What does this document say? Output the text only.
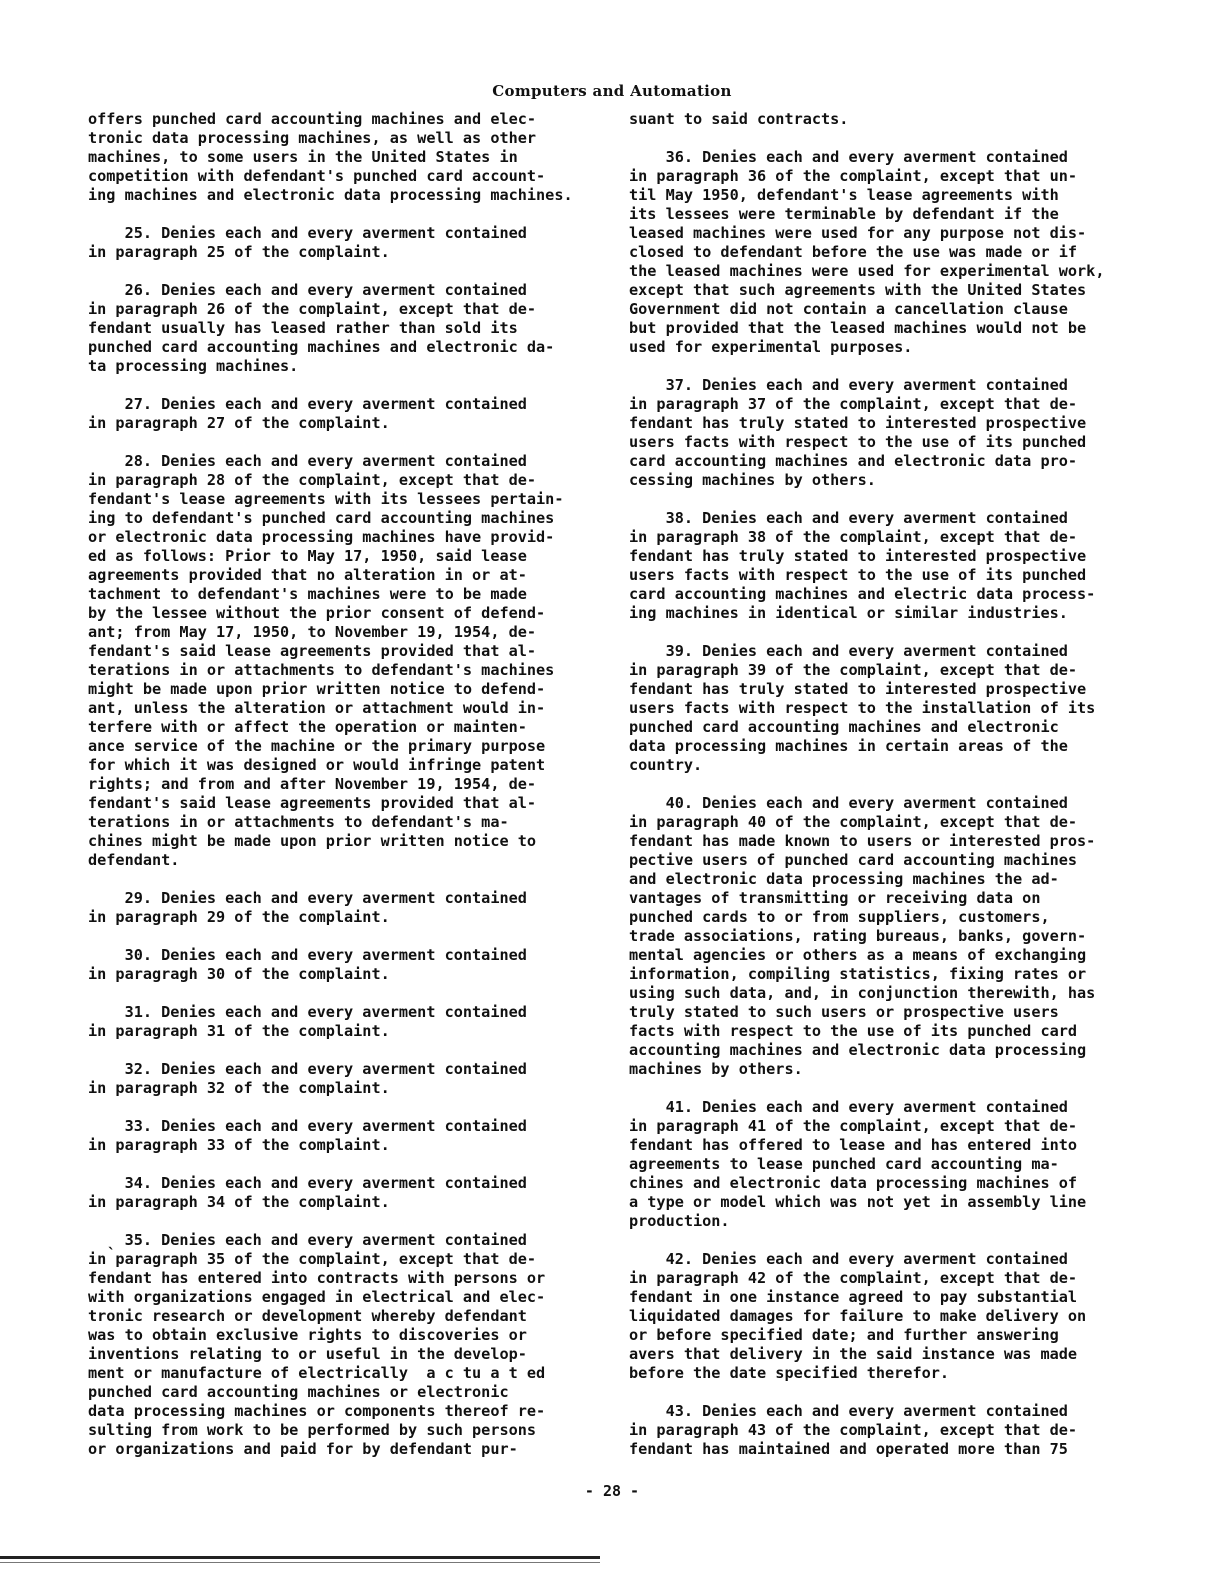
Computers and Automation
offers punched card accounting machines and elec-
tronic data processing machines, as well as other
machines, to some users in the United States in
competition with defendant's punched card account-
ing machines and electronic data processing machines.
25. Denies each and every averment contained
in paragraph 25 of the complaint.
26. Denies each and every averment contained
in paragraph 26 of the complaint, except that de-
fendant usually has leased rather than sold its
punched card accounting machines and electronic da-
ta processing machines.
27. Denies each and every averment contained
in paragraph 27 of the complaint.
28. Denies each and every averment contained
in paragraph 28 of the complaint, except that de-
fendant's lease agreements with its lessees pertain-
ing to defendant's punched card accounting machines
or electronic data processing machines have provid-
ed as follows: Prior to May 17, 1950, said lease
agreements provided that no alteration in or at-
tachment to defendant's machines were to be made
by the lessee without the prior consent of defend-
ant; from May 17, 1950, to November 19, 1954, de-
fendant's said lease agreements provided that al-
terations in or attachments to defendant's machines
might be made upon prior written notice to defend-
ant, unless the alteration or attachment would in-
terfere with or affect the operation or mainten-
ance service of the machine or the primary purpose
for which it was designed or would infringe patent
rights; and from and after November 19, 1954, de-
fendant's said lease agreements provided that al-
terations in or attachments to defendant's ma-
chines might be made upon prior written notice to
defendant.
29. Denies each and every averment contained
in paragraph 29 of the complaint.
30. Denies each and every averment contained
in paragragh 30 of the complaint.
31. Denies each and every averment contained
in paragraph 31 of the complaint.
32. Denies each and every averment contained
in paragraph 32 of the complaint.
33. Denies each and every averment contained
in paragraph 33 of the complaint.
34. Denies each and every averment contained
in paragraph 34 of the complaint.
ˎ 35. Denies each and every averment contained
in paragraph 35 of the complaint, except that de-
fendant has entered into contracts with persons or
with organizations engaged in electrical and elec-
tronic research or development whereby defendant
was to obtain exclusive rights to discoveries or
inventions relating to or useful in the develop-
ment or manufacture of electrically  a c tu a t ed
punched card accounting machines or electronic
data processing machines or components thereof re-
sulting from work to be performed by such persons
or organizations and paid for by defendant pur-
suant to said contracts.
36. Denies each and every averment contained
in paragraph 36 of the complaint, except that un-
til May 1950, defendant's lease agreements with
its lessees were terminable by defendant if the
leased machines were used for any purpose not dis-
closed to defendant before the use was made or if
the leased machines were used for experimental work,
except that such agreements with the United States
Government did not contain a cancellation clause
but provided that the leased machines would not be
used for experimental purposes.
37. Denies each and every averment contained
in paragraph 37 of the complaint, except that de-
fendant has truly stated to interested prospective
users facts with respect to the use of its punched
card accounting machines and electronic data pro-
cessing machines by others.
38. Denies each and every averment contained
in paragraph 38 of the complaint, except that de-
fendant has truly stated to interested prospective
users facts with respect to the use of its punched
card accounting machines and electric data process-
ing machines in identical or similar industries.
39. Denies each and every averment contained
in paragraph 39 of the complaint, except that de-
fendant has truly stated to interested prospective
users facts with respect to the installation of its
punched card accounting machines and electronic
data processing machines in certain areas of the
country.
40. Denies each and every averment contained
in paragraph 40 of the complaint, except that de-
fendant has made known to users or interested pros-
pective users of punched card accounting machines
and electronic data processing machines the ad-
vantages of transmitting or receiving data on
punched cards to or from suppliers, customers,
trade associations, rating bureaus, banks, govern-
mental agencies or others as a means of exchanging
information, compiling statistics, fixing rates or
using such data, and, in conjunction therewith, has
truly stated to such users or prospective users
facts with respect to the use of its punched card
accounting machines and electronic data processing
machines by others.
41. Denies each and every averment contained
in paragraph 41 of the complaint, except that de-
fendant has offered to lease and has entered into
agreements to lease punched card accounting ma-
chines and electronic data processing machines of
a type or model which was not yet in assembly line
production.
42. Denies each and every averment contained
in paragraph 42 of the complaint, except that de-
fendant in one instance agreed to pay substantial
liquidated damages for failure to make delivery on
or before specified date; and further answering
avers that delivery in the said instance was made
before the date specified therefor.
43. Denies each and every averment contained
in paragraph 43 of the complaint, except that de-
fendant has maintained and operated more than 75
- 28 -
